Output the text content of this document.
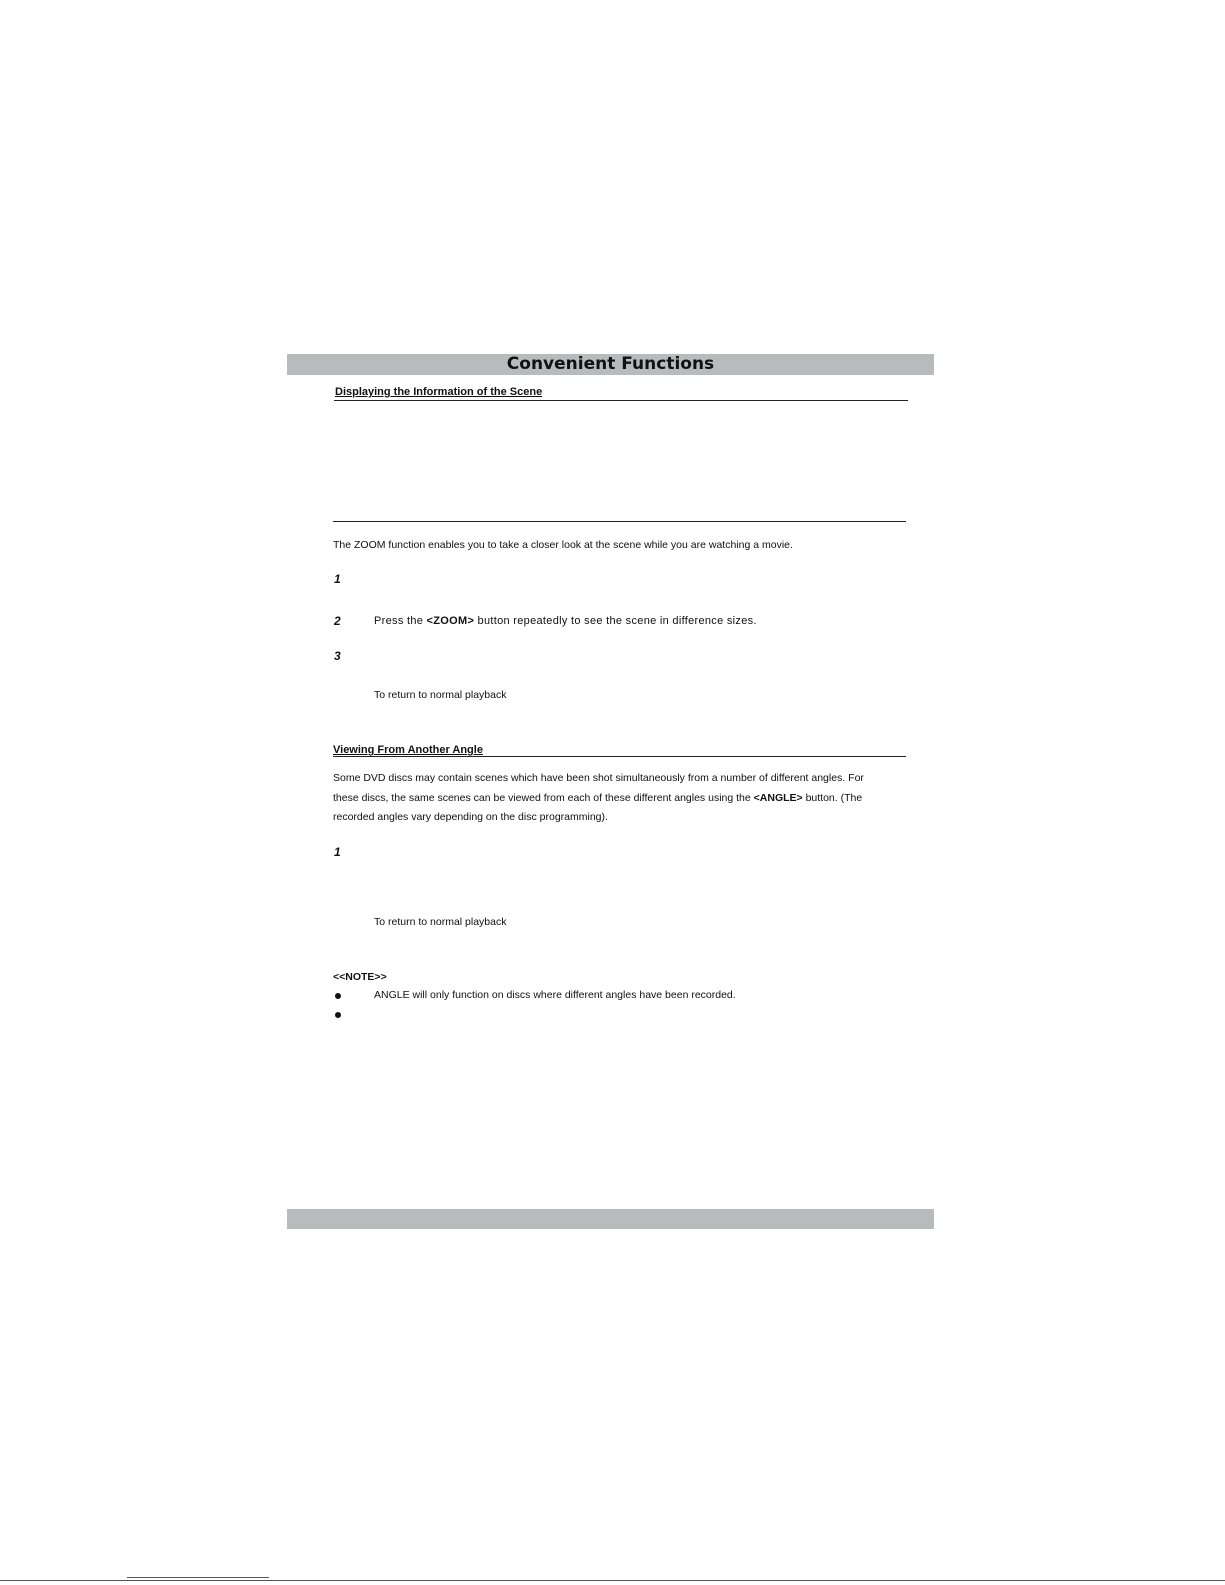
Convenient Functions
Displaying the Information of the Scene
The ZOOM function enables you to take a closer look at the scene while you are watching a movie.
1
2	Press the <ZOOM> button repeatedly to see the scene in difference sizes.
3
To return to normal playback
Viewing From Another Angle
Some DVD discs may contain scenes which have been shot simultaneously from a number of different angles. For
these discs, the same scenes can be viewed from each of these different angles using the <ANGLE> button. (The
recorded angles vary depending on the disc programming).
1
To return to normal playback
<<NOTE>>
ANGLE will only function on discs where different angles have been recorded.
